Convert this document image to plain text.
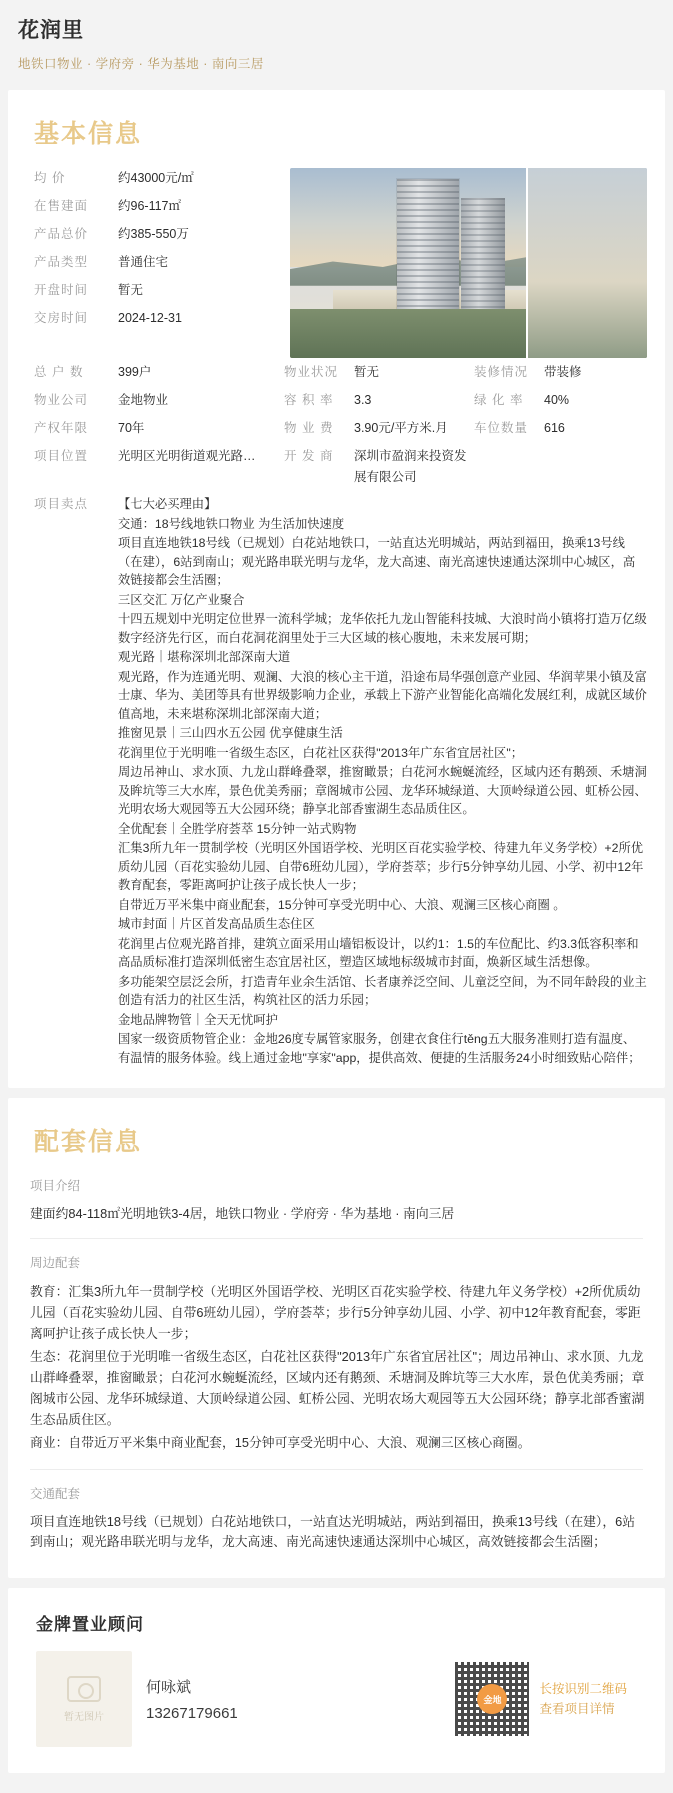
花润里
地铁口物业 · 学府旁 · 华为基地 · 南向三居
基本信息
均 价	约43000元/㎡
在售建面	约96-117㎡
产品总价	约385-550万
产品类型	普通住宅
开盘时间	暂无
交房时间	2024-12-31
总 户 数	399户	物业状况	暂无	装修情况	带装修
物业公司	金地物业	容 积 率	3.3	绿 化 率	40%
产权年限	70年	物 业 费	3.90元/平方米.月 车位数量	616
项目位置	光明区光明街道观光路… 开 发 商	深圳市盈润来投资发展有限公司
项目卖点	【七大必买理由】

交通：18号线地铁口物业 为生活加快速度

项目直连地铁18号线（已规划）白花站地铁口，一站直达光明城站，两站到福田，换乘13号线（在建），6站到南山；观光路串联光明与龙华，龙大高速、南光高速快速通达深圳中心城区，高效链接都会生活圈；

三区交汇 万亿产业聚合

十四五规划中光明定位世界一流科学城；龙华依托九龙山智能科技城、大浪时尚小镇将打造万亿级数字经济先行区，而白花洞花润里处于三大区域的核心腹地，未来发展可期；

观光路｜堪称深圳北部深南大道

观光路，作为连通光明、观澜、大浪的核心主干道，沿途布局华强创意产业园、华润苹果小镇及富士康、华为、美团等具有世界级影响力企业，承载上下游产业智能化高端化发展红利，成就区域价值高地，未来堪称深圳北部深南大道；

推窗见景｜三山四水五公园 优享健康生活

花润里位于光明唯一省级生态区，白花社区获得"2013年广东省宜居社区"；

周边吊神山、求水顶、九龙山群峰叠翠，推窗瞰景；白花河水蜿蜒流经，区域内还有鹅颈、禾塘洞及眸坑等三大水库，景色优美秀丽；章阁城市公园、龙华环城绿道、大顶岭绿道公园、虹桥公园、光明农场大观园等五大公园环绕；静享北部香蜜湖生态品质住区。

全优配套｜全胜学府荟萃 15分钟一站式购物

汇集3所九年一贯制学校（光明区外国语学校、光明区百花实验学校、待建九年义务学校）+2所优质幼儿园（百花实验幼儿园、自带6班幼儿园），学府荟萃；步行5分钟享幼儿园、小学、初中12年教育配套，零距离呵护让孩子成长快人一步；

自带近万平米集中商业配套，15分钟可享受光明中心、大浪、观澜三区核心商圈 。

城市封面｜片区首发高品质生态住区

花润里占位观光路首排，建筑立面采用山墙铝板设计，以约1：1.5的车位配比、约3.3低容积率和高品质标准打造深圳低密生态宜居社区，塑造区域地标级城市封面，焕新区域生活想像。

多功能架空层泛会所，打造青年业余生活馆、长者康养泛空间、儿童泛空间，为不同年龄段的业主创造有活力的社区生活，构筑社区的活力乐园；

金地品牌物管｜全天无忧呵护

国家一级资质物管企业：金地26度专属管家服务，创建衣食住行těng五大服务准则打造有温度、有温情的服务体验。线上通过金地"享家"app，提供高效、便捷的生活服务24小时细致贴心陪伴；

配套信息
项目介绍
建面约84-118㎡光明地铁3-4居，地铁口物业 · 学府旁 · 华为基地 · 南向三居
周边配套

教育：汇集3所九年一贯制学校（光明区外国语学校、光明区百花实验学校、待建九年义务学校）+2所优质幼儿园（百花实验幼儿园、自带6班幼儿园），学府荟萃；步行5分钟享幼儿园、小学、初中12年教育配套，零距离呵护让孩子成长快人一步；

生态：花润里位于光明唯一省级生态区，白花社区获得"2013年广东省宜居社区"；周边吊神山、求水顶、九龙山群峰叠翠，推窗瞰景；白花河水蜿蜒流经，区域内还有鹅颈、禾塘洞及眸坑等三大水库，景色优美秀丽；章阁城市公园、龙华环城绿道、大顶岭绿道公园、虹桥公园、光明农场大观园等五大公园环绕；静享北部香蜜湖生态品质住区。

商业：自带近万平米集中商业配套，15分钟可享受光明中心、大浪、观澜三区核心商圈。

交通配套
项目直连地铁18号线（已规划）白花站地铁口，一站直达光明城站，两站到福田，换乘13号线（在建），6站到南山；观光路串联光明与龙华，龙大高速、南光高速快速通达深圳中心城区，高效链接都会生活圈；
金牌置业顾问
暂无图片
何咏斌
13267179661
金地
长按识别二维码
查看项目详情
